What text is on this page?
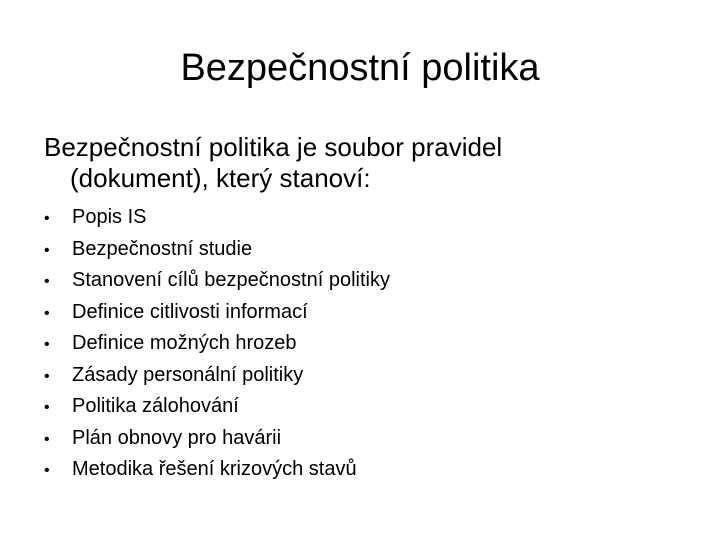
Bezpečnostní politika

Bezpečnostní politika je soubor pravidel
(dokument), který stanoví:

•	Popis IS
•	Bezpečnostní studie
•	Stanovení cílů bezpečnostní politiky
•	Definice citlivosti informací
•	Definice možných hrozeb
•	Zásady personální politiky
•	Politika zálohování
•	Plán obnovy pro havárii
•	Metodika řešení krizových stavů
